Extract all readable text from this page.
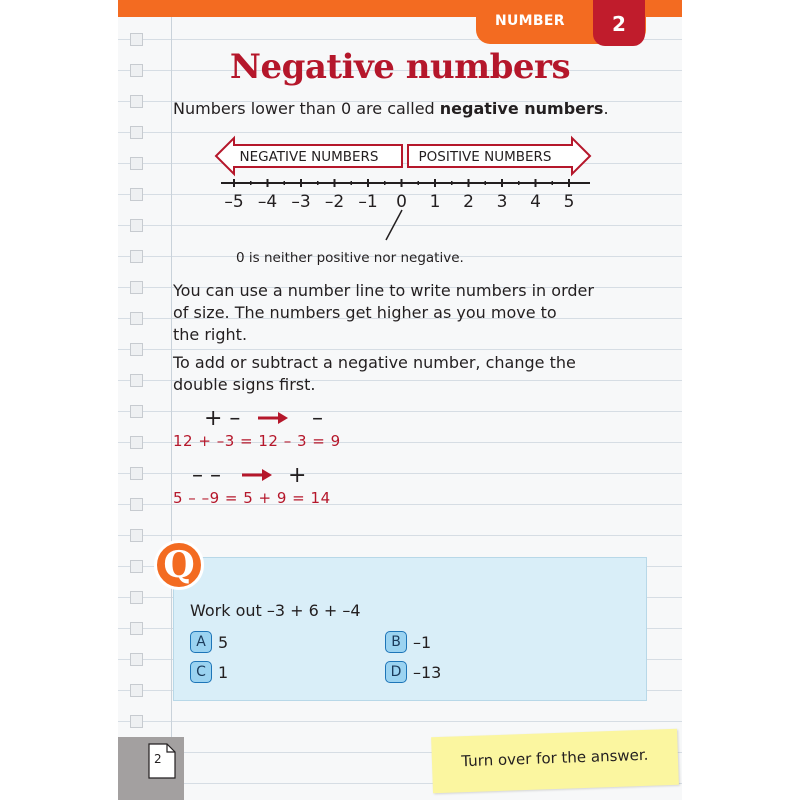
NUMBER	2
Negative numbers
Numbers lower than 0 are called negative numbers.
NEGATIVE NUMBERS	POSITIVE NUMBERS
–5 –4 –3 –2 –1 0 1 2 3 4 5
0 is neither positive nor negative.
You can use a number line to write numbers in order
of size. The numbers get higher as you move to
the right.
To add or subtract a negative number, change the
double signs first.
+ –	–
12 + –3 = 12 – 3 = 9
– –	+
5 – –9 = 5 + 9 = 14
Q
Work out –3 + 6 + –4
A 5	B –1
C 1	D –13
2	Turn over for the answer.
